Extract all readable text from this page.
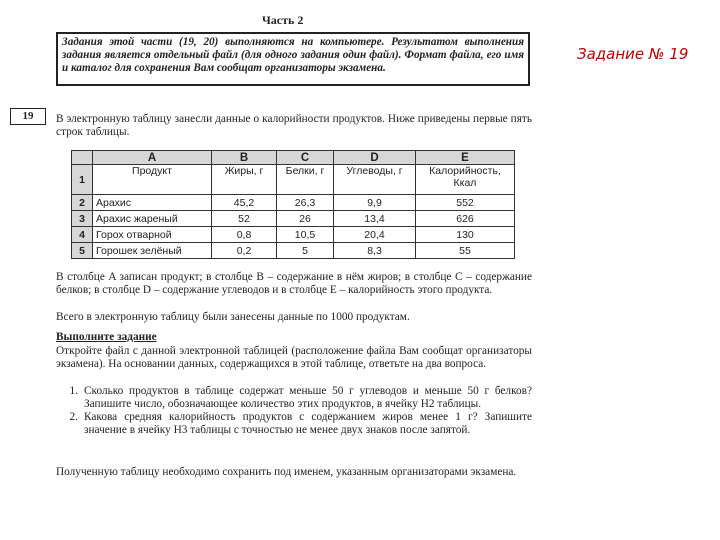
Часть 2
Задания этой части (19, 20) выполняются на компьютере. Результатом выполнения задания является отдельный файл (для одного задания один файл). Формат файла, его имя и каталог для сохранения Вам сообщат организаторы экзамена.
Задание № 19
19	В электронную таблицу занесли данные о калорийности продуктов. Ниже приведены первые пять строк таблицы.

	A	B	C	D	E
1	Продукт	Жиры, г	Белки, г	Углеводы, г	Калорийность, Ккал
2	Арахис	45,2	26,3	9,9	552
3	Арахис жареный	52	26	13,4	626
4	Горох отварной	0,8	10,5	20,4	130
5	Горошек зелёный	0,2	5	8,3	55

В столбце A записан продукт; в столбце B – содержание в нём жиров; в столбце C – содержание белков; в столбце D – содержание углеводов и в столбце E – калорийность этого продукта.

Всего в электронную таблицу были занесены данные по 1000 продуктам.

Выполните задание

Откройте файл с данной электронной таблицей (расположение файла Вам сообщат организаторы экзамена). На основании данных, содержащихся в этой таблице, ответьте на два вопроса.

1. Сколько продуктов в таблице содержат меньше 50 г углеводов и меньше 50 г белков? Запишите число, обозначающее количество этих продуктов, в ячейку H2 таблицы.
2. Какова средняя калорийность продуктов с содержанием жиров менее 1 г? Запишите значение в ячейку H3 таблицы с точностью не менее двух знаков после запятой.

Полученную таблицу необходимо сохранить под именем, указанным организаторами экзамена.
